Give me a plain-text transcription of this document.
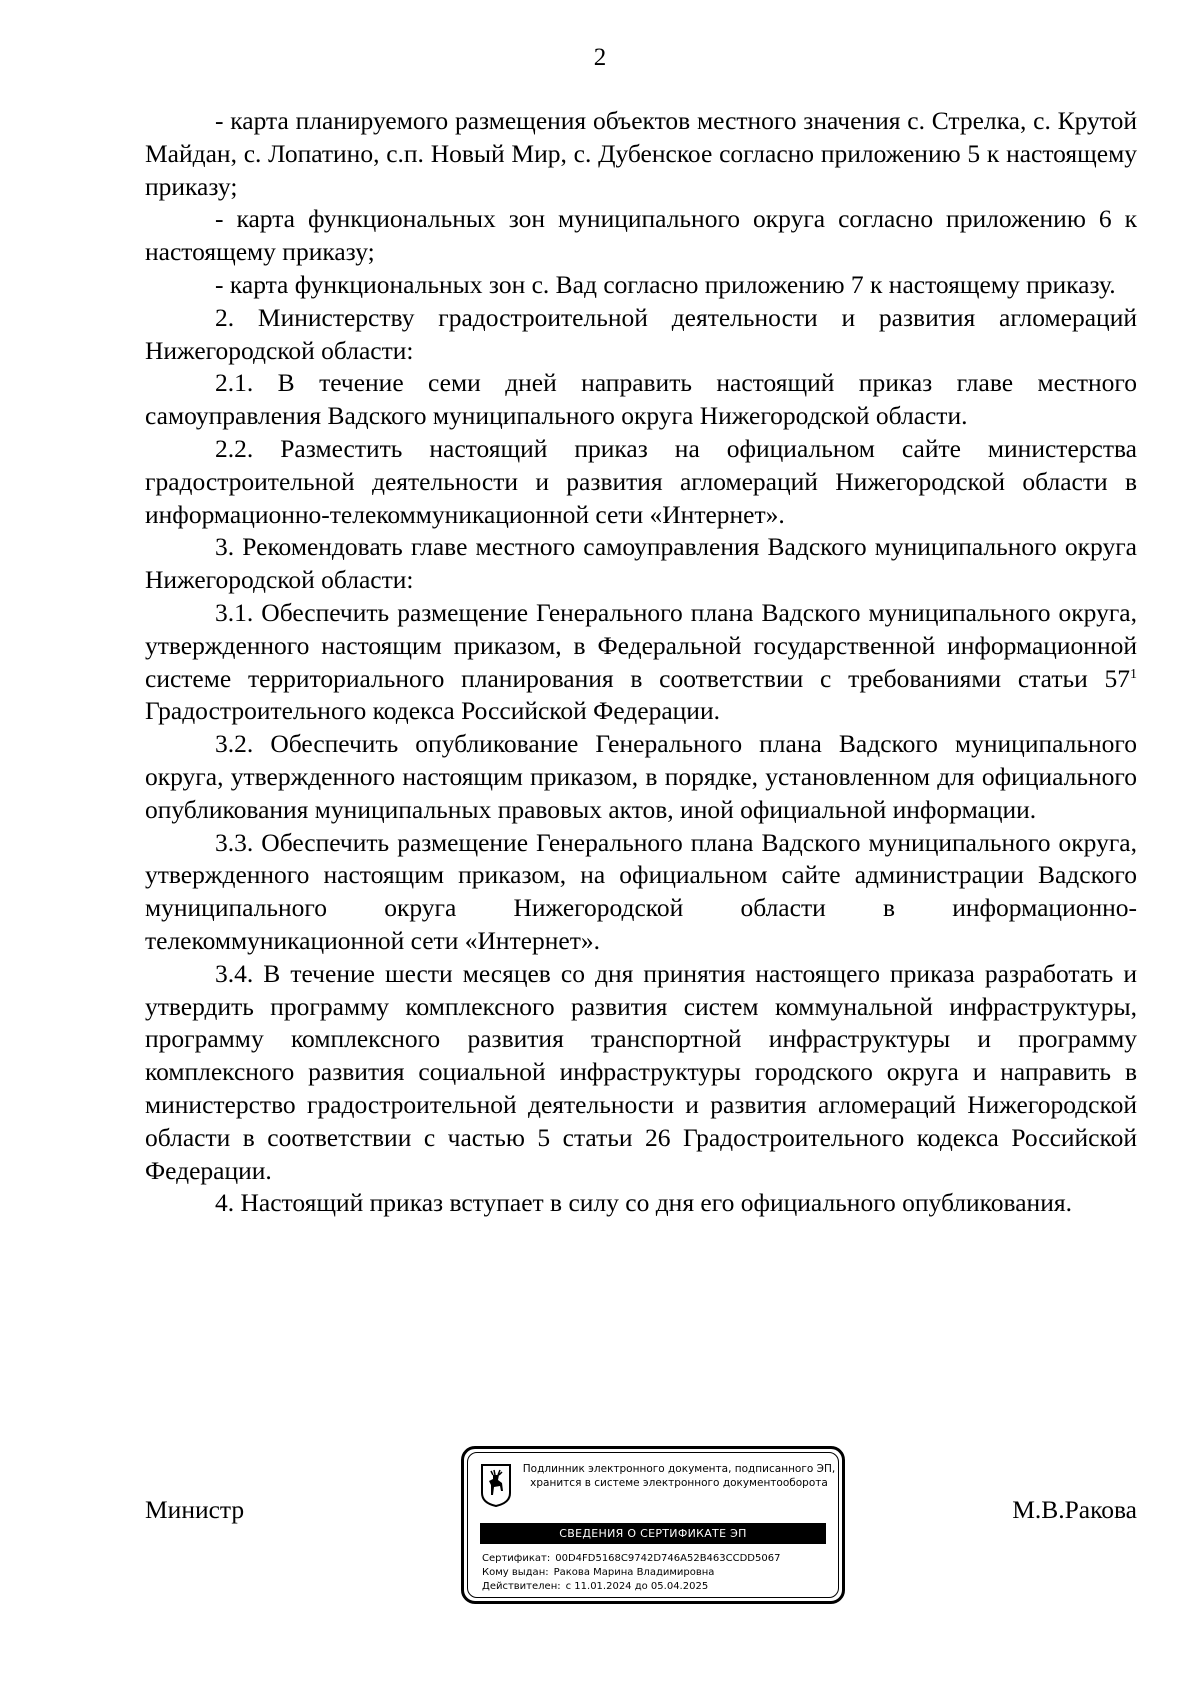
2

- карта планируемого размещения объектов местного значения с. Стрелка, с. Крутой Майдан, с. Лопатино, с.п. Новый Мир, с. Дубенское согласно приложению 5 к настоящему приказу;

- карта функциональных зон муниципального округа согласно приложению 6 к настоящему приказу;

- карта функциональных зон с. Вад согласно приложению 7 к настоящему приказу.

2. Министерству градостроительной деятельности и развития агломераций Нижегородской области:

2.1. В течение семи дней направить настоящий приказ главе местного самоуправления Вадского муниципального округа Нижегородской области.

2.2. Разместить настоящий приказ на официальном сайте министерства градостроительной деятельности и развития агломераций Нижегородской области в информационно-телекоммуникационной сети «Интернет».

3. Рекомендовать главе местного самоуправления Вадского муниципального округа Нижегородской области:

3.1. Обеспечить размещение Генерального плана Вадского муниципального округа, утвержденного настоящим приказом, в Федеральной государственной информационной системе территориального планирования в соответствии с требованиями статьи $57^1$ Градостроительного кодекса Российской Федерации.

3.2. Обеспечить опубликование Генерального плана Вадского муниципального округа, утвержденного настоящим приказом, в порядке, установленном для официального опубликования муниципальных правовых актов, иной официальной информации.

3.3. Обеспечить размещение Генерального плана Вадского муниципального округа, утвержденного настоящим приказом, на официальном сайте администрации Вадского муниципального округа Нижегородской области в информационно-телекоммуникационной сети «Интернет».

3.4. В течение шести месяцев со дня принятия настоящего приказа разработать и утвердить программу комплексного развития систем коммунальной инфраструктуры, программу комплексного развития транспортной инфраструктуры и программу комплексного развития социальной инфраструктуры городского округа и направить в министерство градостроительной деятельности и развития агломераций Нижегородской области в соответствии с частью 5 статьи 26 Градостроительного кодекса Российской Федерации.

4. Настоящий приказ вступает в силу со дня его официального опубликования.

Министр	М.В.Ракова
Подлинник электронного документа, подписанного ЭП,
хранится в системе электронного документооборота
СВЕДЕНИЯ О СЕРТИФИКАТЕ ЭП
Сертификат: 00D4FD5168C9742D746A52B463CCDD5067
Кому выдан: Ракова Марина Владимировна
Действителен: с 11.01.2024 до 05.04.2025
